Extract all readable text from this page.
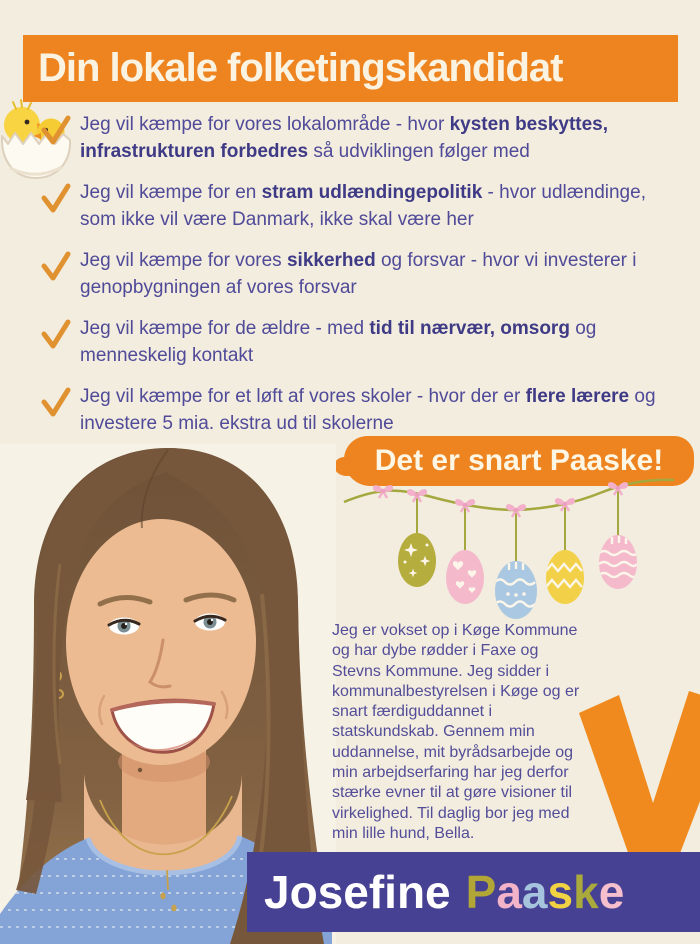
Din lokale folketingskandidat
Jeg vil kæmpe for vores lokalområde - hvor kysten beskyttes,
infrastrukturen forbedres så udviklingen følger med
Jeg vil kæmpe for en stram udlændingepolitik - hvor udlændinge,
som ikke vil være Danmark, ikke skal være her
Jeg vil kæmpe for vores sikkerhed og forsvar - hvor vi investerer i
genopbygningen af vores forsvar
Jeg vil kæmpe for de ældre - med tid til nærvær, omsorg og
menneskelig kontakt
Jeg vil kæmpe for et løft af vores skoler - hvor der er flere lærere og
investere 5 mia. ekstra ud til skolerne
Det er snart Paaske!
Jeg er vokset op i Køge Kommune
og har dybe rødder i Faxe og
Stevns Kommune. Jeg sidder i
kommunalbestyrelsen i Køge og er
snart færdiguddannet i
statskundskab. Gennem min
uddannelse, mit byrådsarbejde og
min arbejdserfaring har jeg derfor
stærke evner til at gøre visioner til
virkelighed. Til daglig bor jeg med
min lille hund, Bella.
Josefine Paaske
